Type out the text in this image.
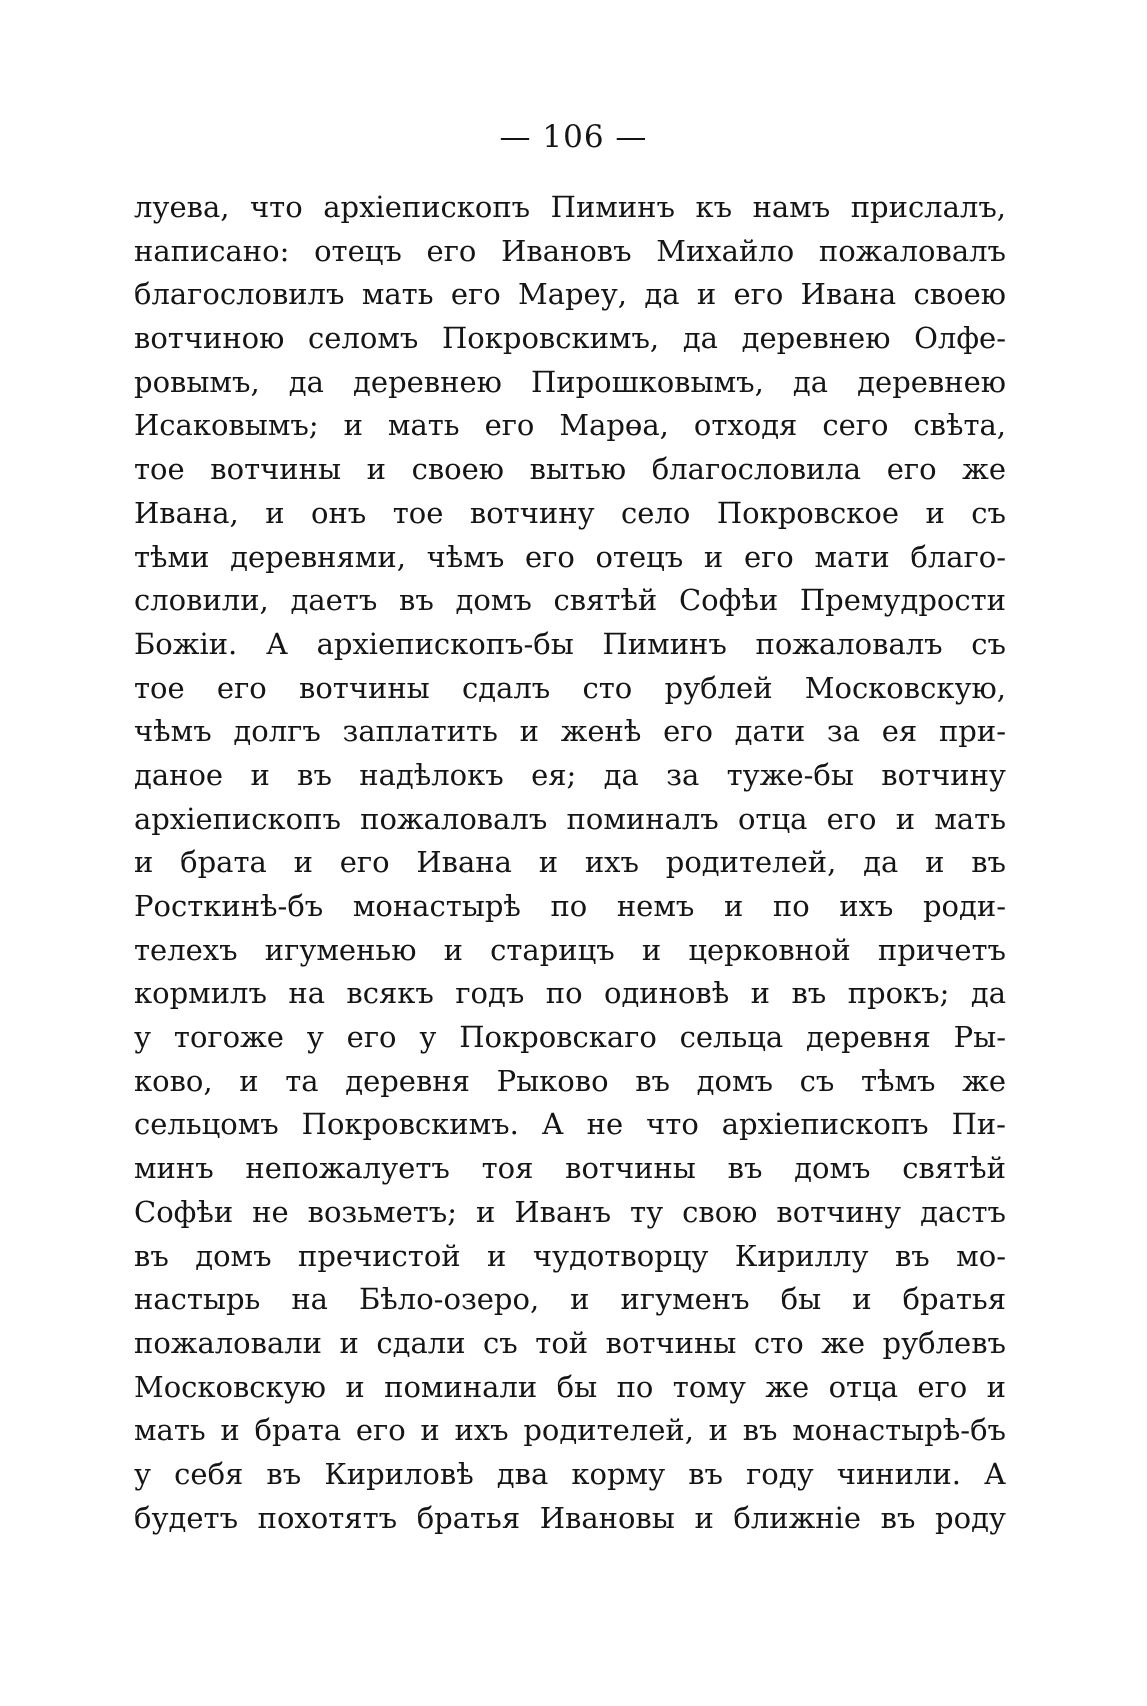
— 106 —
луева, что архіепископъ Пиминъ къ намъ прислалъ,
написано: отецъ его Ивановъ Михайло пожаловалъ
благословилъ мать его Мареу, да и его Ивана своею
вотчиною селомъ Покровскимъ, да деревнею Олфе-
ровымъ, да деревнею Пирошковымъ, да деревнею
Исаковымъ; и мать его Марөа, отходя сего свѣта,
тое вотчины и своею вытью благословила его же
Ивана, и онъ тое вотчину село Покровское и съ
тѣми деревнями, чѣмъ его отецъ и его мати благо-
словили, даетъ въ домъ святѣй Софѣи Премудрости
Божіи. А архіепископъ-бы Пиминъ пожаловалъ съ
тое его вотчины сдалъ сто рублей Московскую,
чѣмъ долгъ заплатить и женѣ его дати за ея при-
даное и въ надѣлокъ ея; да за туже-бы вотчину
архіепископъ пожаловалъ поминалъ отца его и мать
и брата и его Ивана и ихъ родителей, да и въ
Росткинѣ-бъ монастырѣ по немъ и по ихъ роди-
телехъ игуменью и старицъ и церковной причетъ
кормилъ на всякъ годъ по одиновѣ и въ прокъ; да
у тогоже у его у Покровскаго сельца деревня Ры-
ково, и та деревня Рыково въ домъ съ тѣмъ же
сельцомъ Покровскимъ. А не что архіепископъ Пи-
минъ непожалуетъ тоя вотчины въ домъ святѣй
Софѣи не возьметъ; и Иванъ ту свою вотчину дастъ
въ домъ пречистой и чудотворцу Кириллу въ мо-
настырь на Бѣло-озеро, и игуменъ бы и братья
пожаловали и сдали съ той вотчины сто же рублевъ
Московскую и поминали бы по тому же отца его и
мать и брата его и ихъ родителей, и въ монастырѣ-бъ
у себя въ Кириловѣ два корму въ году чинили. А
будетъ похотятъ братья Ивановы и ближніе въ роду
